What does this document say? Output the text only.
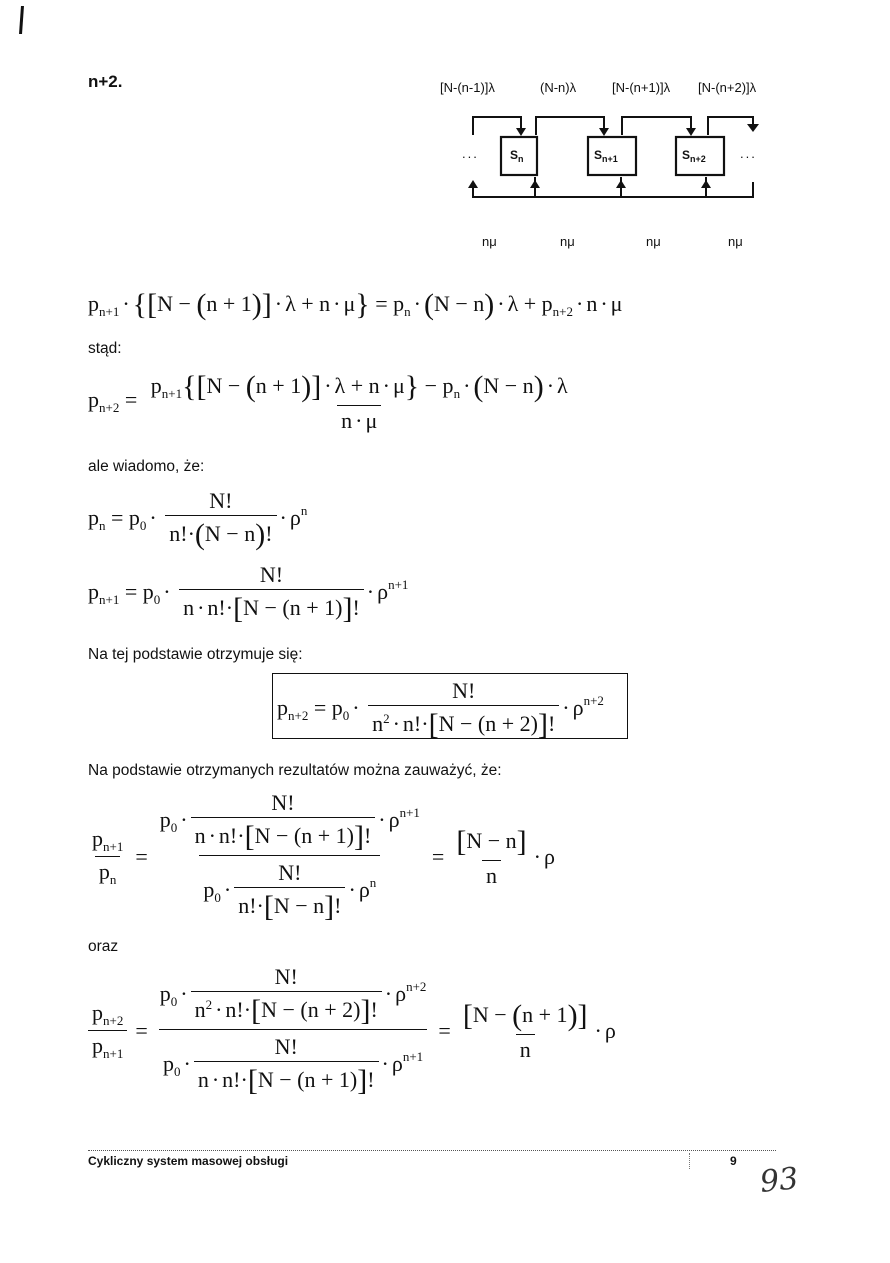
n+2.	[N-(n-1)]λ	(N-n)λ	[N-(n+1)]λ [N-(n+2)]λ
...	...
$S_n$	$S_{n+1}$	$S_{n+2}$
nμ	nμ	nμ	nμ
$p_{n+1} \cdot \{[N - (n + 1)] \cdot \lambda + n \cdot \mu\} = p_n \cdot (N - n) \cdot \lambda + p_{n+2} \cdot n \cdot \mu$
stąd:
$p_{n+2} = \frac{p_{n+1}\{[N - (n + 1)] \cdot \lambda + n \cdot \mu\} - p_n \cdot (N - n) \cdot \lambda}{n \cdot \mu}$
ale wiadomo, że:
$p_n = p_0 \cdot \frac{N!}{n!\cdot(N - n)!} \cdot \rho^n$
$p_{n+1} = p_0 \cdot \frac{N!}{n \cdot n!\cdot[N - (n + 1)]!} \cdot \rho^{n+1}$
Na tej podstawie otrzymuje się:
$p_{n+2} = p_0 \cdot \frac{N!}{n^2 \cdot n!\cdot[N - (n + 2)]!} \cdot \rho^{n+2}$
Na podstawie otrzymanych rezultatów można zauważyć, że:
$\frac{p_{n+1}}{p_n} = \frac{p_0 \cdot \frac{N!}{n \cdot n!\cdot[N - (n + 1)]!} \cdot \rho^{n+1}}{p_0 \cdot \frac{N!}{n!\cdot[N - n]!} \cdot \rho^n} = \frac{[N - n]}{n} \cdot \rho$
oraz
$\frac{p_{n+2}}{p_{n+1}} = \frac{p_0 \cdot \frac{N!}{n^2 \cdot n!\cdot[N - (n + 2)]!} \cdot \rho^{n+2}}{p_0 \cdot \frac{N!}{n \cdot n!\cdot[N - (n + 1)]!} \cdot \rho^{n+1}} = \frac{[N - (n + 1)]}{n} \cdot \rho$
Cykliczny system masowej obsługi	9
93
